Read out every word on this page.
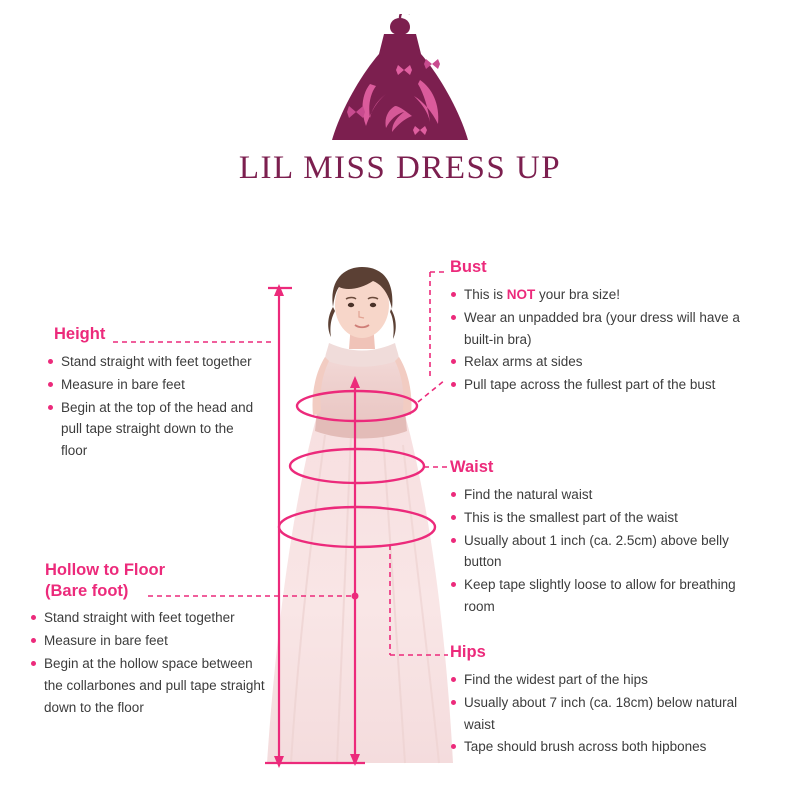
LIL MISS DRESS UP
Height
Stand straight with feet together
Measure in bare feet
Begin at the top of the head and pull tape straight down to the floor
Hollow to Floor
(Bare foot)
Stand straight with feet together
Measure in bare feet
Begin at the hollow space between the collarbones and pull tape straight down to the floor
Bust
This is NOT your bra size!
Wear an unpadded bra (your dress will have a built-in bra)
Relax arms at sides
Pull tape across the fullest part of the bust
Waist
Find the natural waist
This is the smallest part of the waist
Usually about 1 inch (ca. 2.5cm) above belly button
Keep tape slightly loose to allow for breathing room
Hips
Find the widest part of the hips
Usually about 7 inch (ca. 18cm) below natural waist
Tape should brush across both hipbones
